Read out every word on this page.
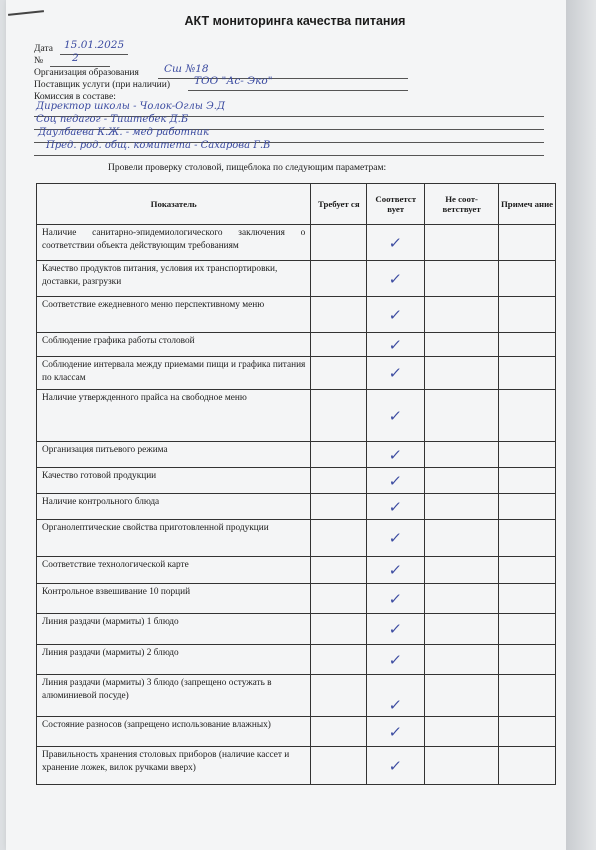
АКТ мониторинга качества питания
Дата 15.01.2025
№	2
Организация образования Сш №18
Поставщик услуги (при наличии) ТОО "Ас- Эко"
Комиссия в составе:
Директор школы - Чолок-Оглы Э.Д
Соц педагог - Тиштебек Д.Б
Даулбаева К.Ж. - мед работник
Пред. род. общ. комитета - Сахарова Г.В
Провели проверку столовой, пищеблока по следующим параметрам:
Показатель	Требует ся	Соответст вует	Не соот- ветствует	Примеч ание
Наличие санитарно-эпидемиологического заключения о соответствии объекта действующим требованиям		✓		
Качество продуктов питания, условия их транспортировки, доставки, разгрузки		✓		
Соответствие ежедневного меню перспективному меню		✓		
Соблюдение графика работы столовой		✓		
Соблюдение интервала между приемами пищи и графика питания по классам		✓		
Наличие утвержденного прайса на свободное меню		✓		
Организация питьевого режима		✓		
Качество готовой продукции		✓		
Наличие контрольного блюда		✓		
Органолептические свойства приготовленной продукции		✓		
Соответствие технологической карте		✓		
Контрольное взвешивание 10 порций		✓		
Линия раздачи (мармиты) 1 блюдо		✓		
Линия раздачи (мармиты) 2 блюдо		✓		
Линия раздачи (мармиты) 3 блюдо (запрещено остужать в алюминиевой посуде)		✓		
Состояние разносов (запрещено использование влажных)		✓		
Правильность хранения столовых приборов (наличие кассет и хранение ложек, вилок ручками вверх)		✓		
